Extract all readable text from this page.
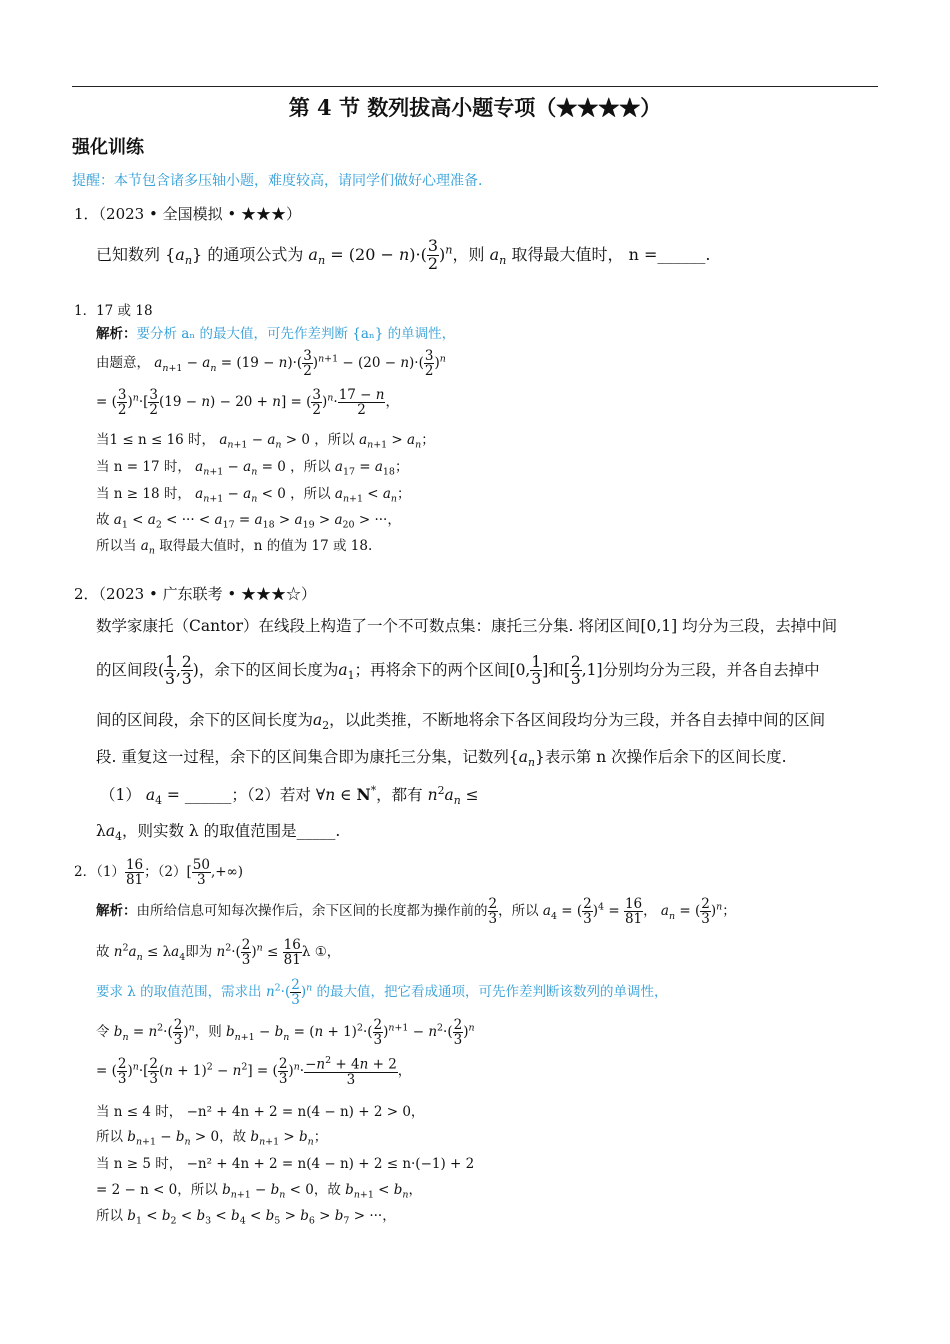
第 4 节 数列拔高小题专项（★★★★）
强化训练
提醒：本节包含诸多压轴小题，难度较高，请同学们做好心理准备.
1．（2023 • 全国模拟 • ★★★）
已知数列 $\{a_n\}$ 的通项公式为 $a_n = (20 - n)\cdot( \frac{3}{2} )^n$，则 $a_n$ 取得最大值时， n =______.
1．17 或 18
解析：要分析 aₙ 的最大值，可先作差判断 {aₙ} 的单调性，
由题意， $a_{n+1} - a_n = (19 - n)\cdot( \frac{3}{2} )^{n+1} - (20 - n)\cdot( \frac{3}{2} )^n$
= ( $\frac{3}{2} )^n\cdot[ \frac{3}{2} (19 - n) - 20 + n]$ = ( $\frac{3}{2} )^n\cdot \frac{17 - n}{2}$ ，
当1 ≤ n ≤ 16 时， $a_{n+1} - a_n > 0$ ，所以 $a_{n+1} > a_n$；
当 n = 17 时， $a_{n+1} - a_n = 0$ ，所以 $a_{17} = a_{18}$；
当 n ≥ 18 时， $a_{n+1} - a_n < 0$ ，所以 $a_{n+1} < a_n$；
故 $a_1 < a_2$ < ··· < $a_{17} = a_{18} > a_{19} > a_{20}$ > ···，
所以当 $a_n$ 取得最大值时，n 的值为 17 或 18.
2．（2023 • 广东联考 • ★★★☆）
数学家康托（Cantor）在线段上构造了一个不可数点集：康托三分集. 将闭区间[0,1] 均分为三段，去掉中间
的区间段( $\frac{1}{3}$ , $\frac{2}{3}$ )，余下的区间长度为$a_1$；再将余下的两个区间[0, $\frac{1}{3}$ ]和[ $\frac{2}{3} ,1$]分别均分为三段，并各自去掉中
间的区间段，余下的区间长度为$a_2$，以此类推，不断地将余下各区间段均分为三段，并各自去掉中间的区间
段. 重复这一过程，余下的区间集合即为康托三分集，记数列$\{a_n\}$表示第 n 次操作后余下的区间长度.
（1） $a_4$ = ______；（2）若对 ∀n ∈ N*，都有 $n^2a_n$ ≤
$\lambda a_4$，则实数 λ 的取值范围是_____.
2．$(1) \frac{16}{81}$ ；$(2)[ \frac{50}{3}$ ,+∞)
解析：由所给信息可知每次操作后，余下区间的长度都为操作前的 $\frac{2}{3}$ ，所以 $a_4$ = ( $\frac{2}{3} )^4 = \frac{16}{81}$ ， $a_n$ = ( $\frac{2}{3} )^n$；
故 $n^2a_n \le \lambda a_4$即为 $n^2\cdot( \frac{2}{3} )^n \le \frac{16}{81}$ λ ①，
要求 λ 的取值范围，需求出 $n^2\cdot( \frac{2}{3} )^n$ 的最大值，把它看成通项，可先作差判断该数列的单调性，
令 $b_n = n^2\cdot( \frac{2}{3} )^n$，则 $b_{n+1} - b_n = (n + 1)^2\cdot( \frac{2}{3} )^{n+1} - n^2\cdot( \frac{2}{3} )^n$
= ( $\frac{2}{3} )^n\cdot[ \frac{2}{3} (n + 1)^2 - n^2]$ = ( $\frac{2}{3} )^n\cdot \frac{-n^2 + 4n + 2}{3}$ ，
当 n ≤ 4 时， −n² + 4n + 2 = n(4 − n) + 2 > 0，
所以 $b_{n+1} - b_n > 0$，故 $b_{n+1} > b_n$；
当 n ≥ 5 时， −n² + 4n + 2 = n(4 − n) + 2 ≤ n·(−1) + 2
= 2 − n < 0，所以 $b_{n+1} - b_n < 0$，故 $b_{n+1} < b_n$，
所以 $b_1 < b_2 < b_3 < b_4 < b_5 > b_6 > b_7$ > ···，
